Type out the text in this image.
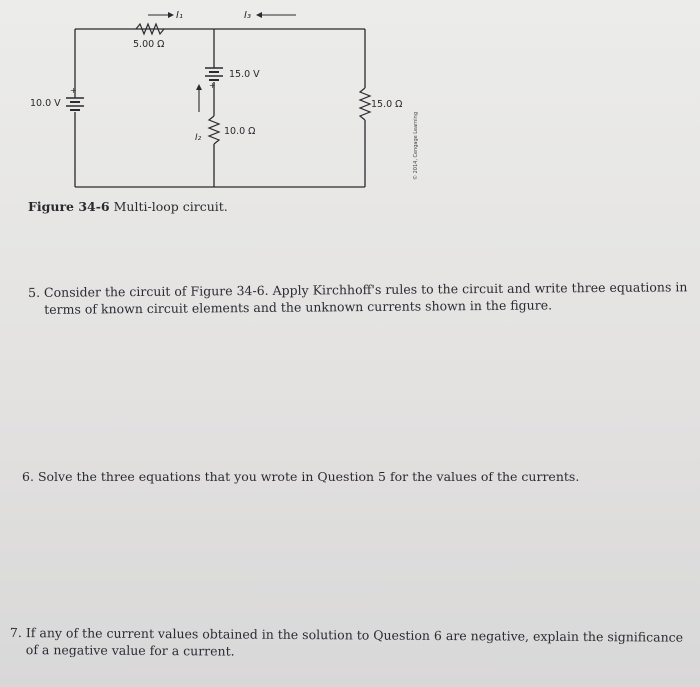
I₁	I₃
I₂
5.00 Ω
15.0 V
+
10.0 V
+
15.0 Ω
10.0 Ω	© 2014, Cengage Learning
Figure 34-6 Multi-loop circuit.
5. Consider the circuit of Figure 34-6. Apply Kirchhoff's rules to the circuit and write three equations in
terms of known circuit elements and the unknown currents shown in the figure.
6. Solve the three equations that you wrote in Question 5 for the values of the currents.
7. If any of the current values obtained in the solution to Question 6 are negative, explain the significance
of a negative value for a current.
